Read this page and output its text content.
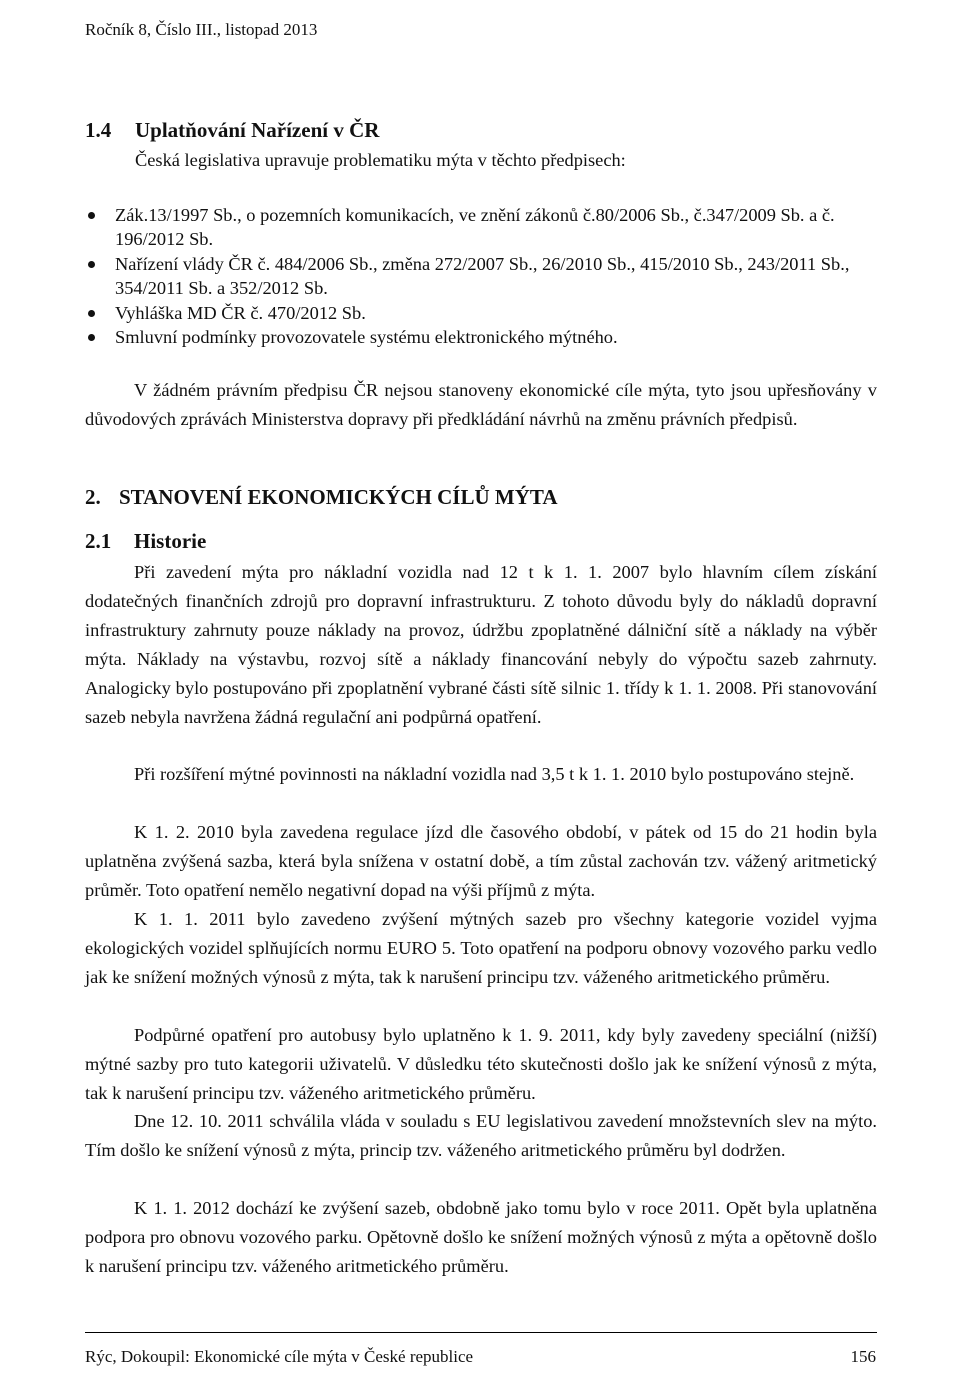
Ročník 8, Číslo III., listopad 2013
1.4 Uplatňování Nařízení v ČR
Česká legislativa upravuje problematiku mýta v těchto předpisech:
Zák.13/1997 Sb., o pozemních komunikacích, ve znění zákonů č.80/2006 Sb., č.347/2009 Sb. a č. 196/2012 Sb.
Nařízení vlády ČR č. 484/2006 Sb., změna 272/2007 Sb., 26/2010 Sb., 415/2010 Sb., 243/2011 Sb., 354/2011 Sb. a 352/2012 Sb.
Vyhláška MD ČR č. 470/2012 Sb.
Smluvní podmínky provozovatele systému elektronického mýtného.

V žádném právním předpisu ČR nejsou stanoveny ekonomické cíle mýta, tyto jsou upřesňovány v důvodových zprávách Ministerstva dopravy při předkládání návrhů na změnu právních předpisů.

2. STANOVENÍ EKONOMICKÝCH CÍLŮ MÝTA
2.1 Historie

Při zavedení mýta pro nákladní vozidla nad 12 t k 1. 1. 2007 bylo hlavním cílem získání dodatečných finančních zdrojů pro dopravní infrastrukturu. Z tohoto důvodu byly do nákladů dopravní infrastruktury zahrnuty pouze náklady na provoz, údržbu zpoplatněné dálniční sítě a náklady na výběr mýta. Náklady na výstavbu, rozvoj sítě a náklady financování nebyly do výpočtu sazeb zahrnuty. Analogicky bylo postupováno při zpoplatnění vybrané části sítě silnic 1. třídy k 1. 1. 2008. Při stanovování sazeb nebyla navržena žádná regulační ani podpůrná opatření.

Při rozšíření mýtné povinnosti na nákladní vozidla nad 3,5 t k 1. 1. 2010 bylo postupováno stejně.

K 1. 2. 2010 byla zavedena regulace jízd dle časového období, v pátek od 15 do 21 hodin byla uplatněna zvýšená sazba, která byla snížena v ostatní době, a tím zůstal zachován tzv. vážený aritmetický průměr. Toto opatření nemělo negativní dopad na výši příjmů z mýta.

K 1. 1. 2011 bylo zavedeno zvýšení mýtných sazeb pro všechny kategorie vozidel vyjma ekologických vozidel splňujících normu EURO 5. Toto opatření na podporu obnovy vozového parku vedlo jak ke snížení možných výnosů z mýta, tak k narušení principu tzv. váženého aritmetického průměru.

Podpůrné opatření pro autobusy bylo uplatněno k 1. 9. 2011, kdy byly zavedeny speciální (nižší) mýtné sazby pro tuto kategorii uživatelů. V důsledku této skutečnosti došlo jak ke snížení výnosů z mýta, tak k narušení principu tzv. váženého aritmetického průměru.

Dne 12. 10. 2011 schválila vláda v souladu s EU legislativou zavedení množstevních slev na mýto. Tím došlo ke snížení výnosů z mýta, princip tzv. váženého aritmetického průměru byl dodržen.

K 1. 1. 2012 dochází ke zvýšení sazeb, obdobně jako tomu bylo v roce 2011. Opět byla uplatněna podpora pro obnovu vozového parku. Opětovně došlo ke snížení možných výnosů z mýta a opětovně došlo k narušení principu tzv. váženého aritmetického průměru.

Rýc, Dokoupil: Ekonomické cíle mýta v České republice	156
